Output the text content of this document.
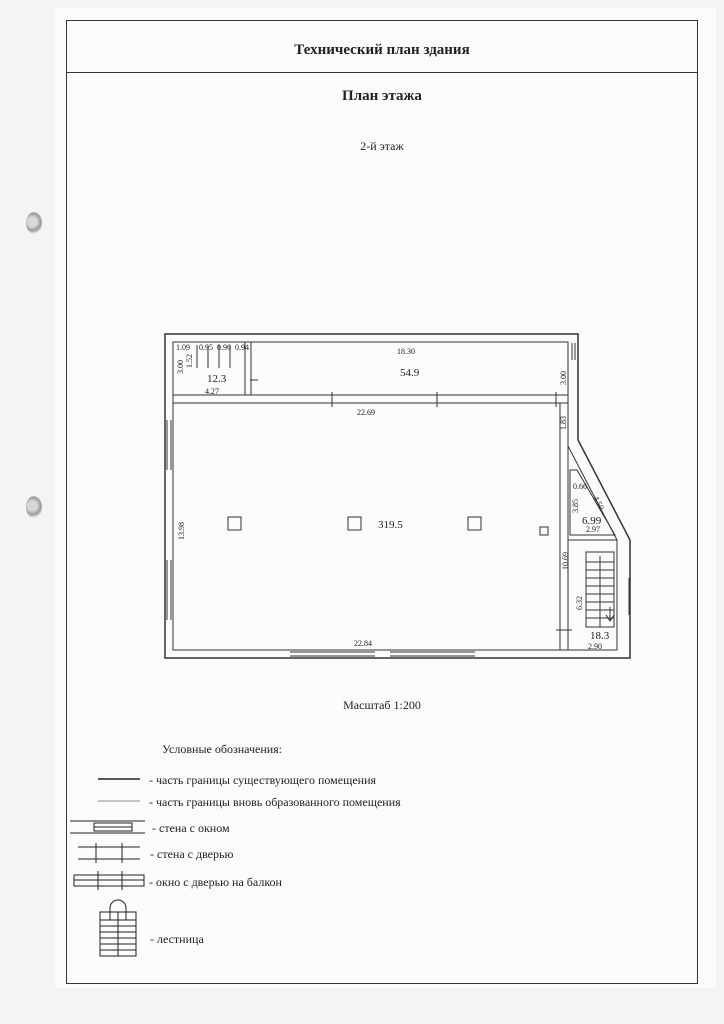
Технический план здания
План этажа
2-й этаж
1.09 0.95 0.96 0.94
3.00 1.52
4.27
18.30
3.00
22.69
1.83
13.98
0.66
3.85 4.50
2.97
10.69
6.32
2.90
22.84
12.3	54.9
319.5	6.99
18.3
Масштаб 1:200
Условные обозначения:
- часть границы существующего помещения
- часть границы вновь образованного помещения
- стена с окном
- стена с дверью
- окно с дверью на балкон
- лестница
